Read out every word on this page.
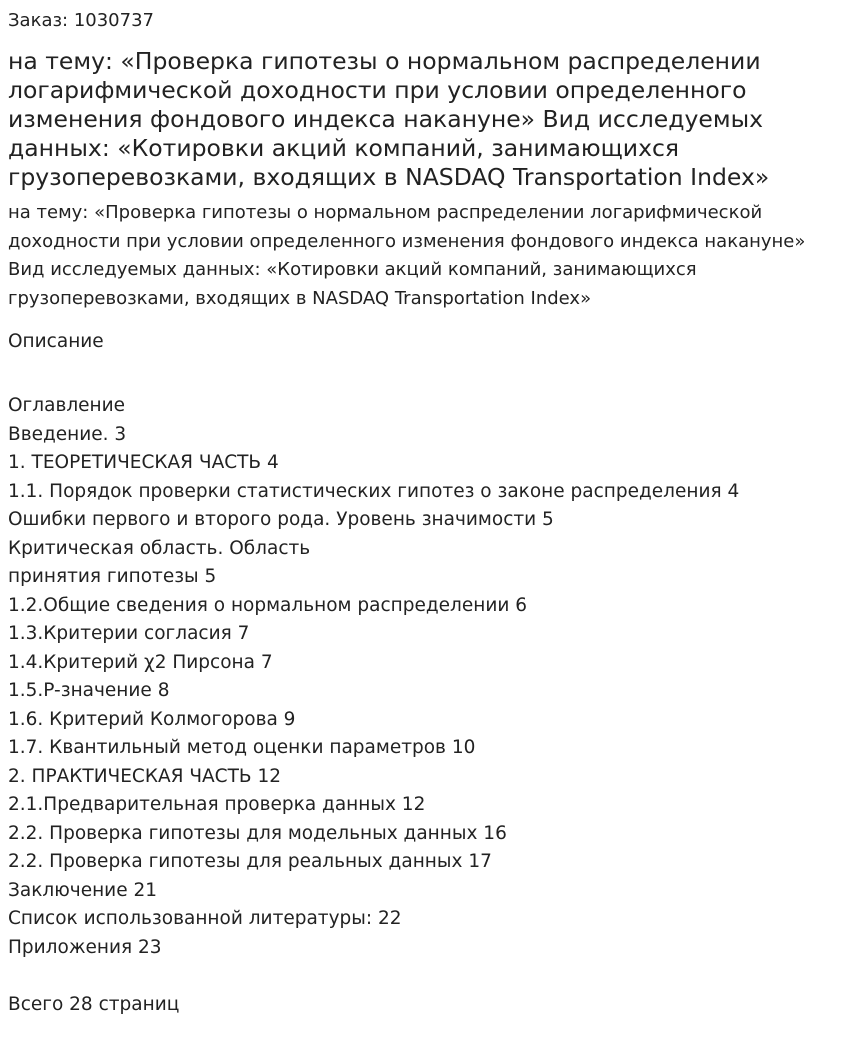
Заказ: 1030737
на тему: «Проверка гипотезы о нормальном распределении логарифмической доходности при условии определенного изменения фондового индекса накануне» Вид исследуемых данных: «Котировки акций компаний, занимающихся грузоперевозками, входящих в NASDAQ Transportation Index»
на тему: «Проверка гипотезы о нормальном распределении логарифмической доходности при условии определенного изменения фондового индекса накануне» Вид исследуемых данных: «Котировки акций компаний, занимающихся грузоперевозками, входящих в NASDAQ Transportation Index»
Описание
Оглавление
Введение. 3
1. ТЕОРЕТИЧЕСКАЯ ЧАСТЬ 4
1.1. Порядок проверки статистических гипотез о законе распределения 4
Ошибки первого и второго рода. Уровень значимости 5
Критическая область. Область
принятия гипотезы 5
1.2.Общие сведения о нормальном распределении 6
1.3.Критерии согласия 7
1.4.Критерий χ2 Пирсона 7
1.5.P-значение 8
1.6. Критерий Колмогорова 9
1.7. Квантильный метод оценки параметров 10
2. ПРАКТИЧЕСКАЯ ЧАСТЬ 12
2.1.Предварительная проверка данных 12
2.2. Проверка гипотезы для модельных данных 16
2.2. Проверка гипотезы для реальных данных 17
Заключение 21
Список использованной литературы: 22
Приложения 23
Всего 28 страниц
